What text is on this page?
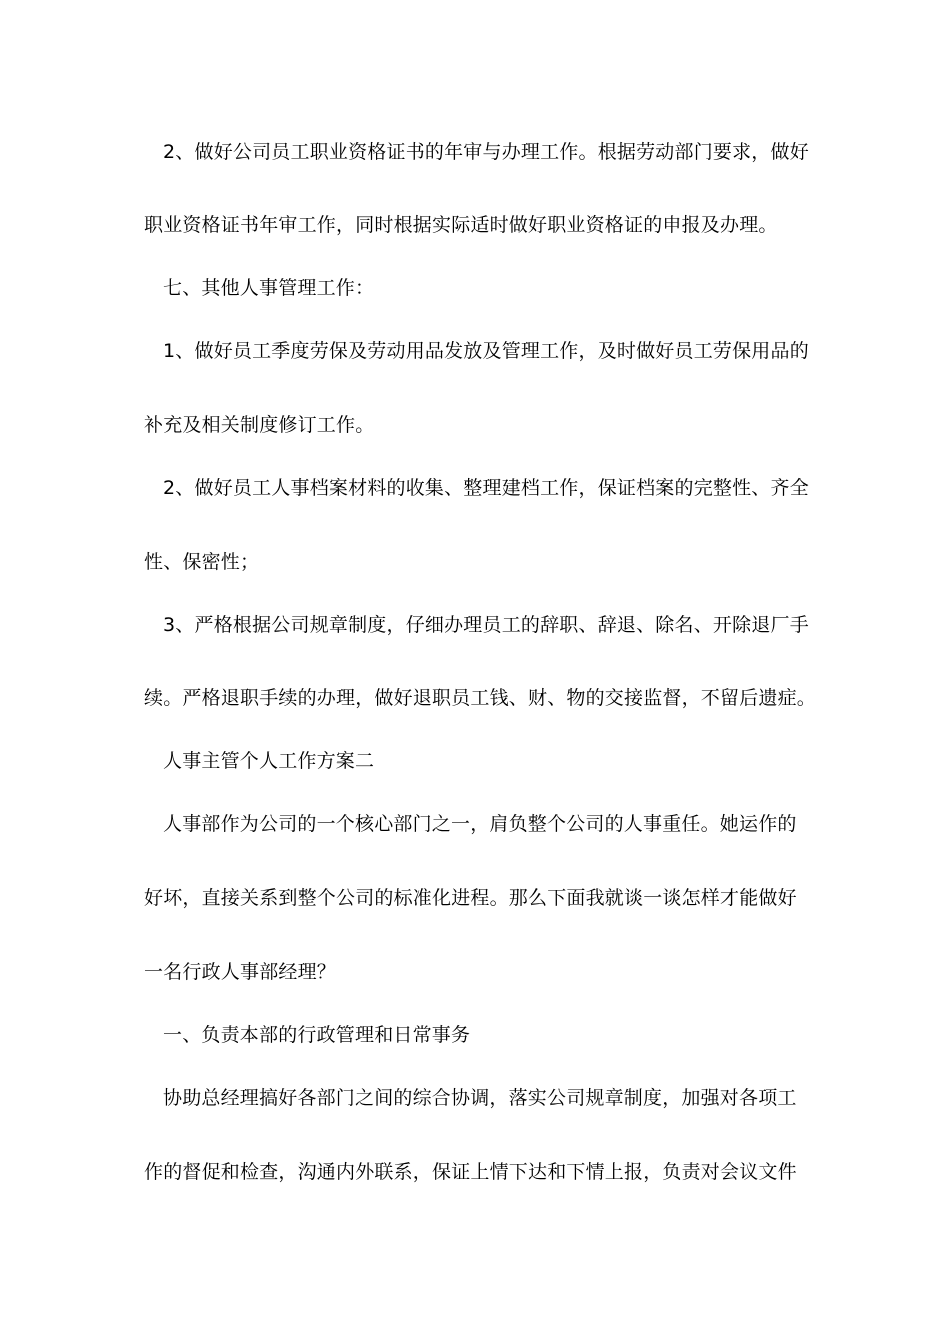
2、做好公司员工职业资格证书的年审与办理工作。根据劳动部门要求，做好
职业资格证书年审工作，同时根据实际适时做好职业资格证的申报及办理。
七、其他人事管理工作：
1、做好员工季度劳保及劳动用品发放及管理工作，及时做好员工劳保用品的
补充及相关制度修订工作。
2、做好员工人事档案材料的收集、整理建档工作，保证档案的完整性、齐全
性、保密性；
3、严格根据公司规章制度，仔细办理员工的辞职、辞退、除名、开除退厂手
续。严格退职手续的办理，做好退职员工钱、财、物的交接监督，不留后遗症。
人事主管个人工作方案二
人事部作为公司的一个核心部门之一，肩负整个公司的人事重任。她运作的
好坏，直接关系到整个公司的标准化进程。那么下面我就谈一谈怎样才能做好
一名行政人事部经理？
一、负责本部的行政管理和日常事务
协助总经理搞好各部门之间的综合协调，落实公司规章制度，加强对各项工
作的督促和检查，沟通内外联系，保证上情下达和下情上报，负责对会议文件
